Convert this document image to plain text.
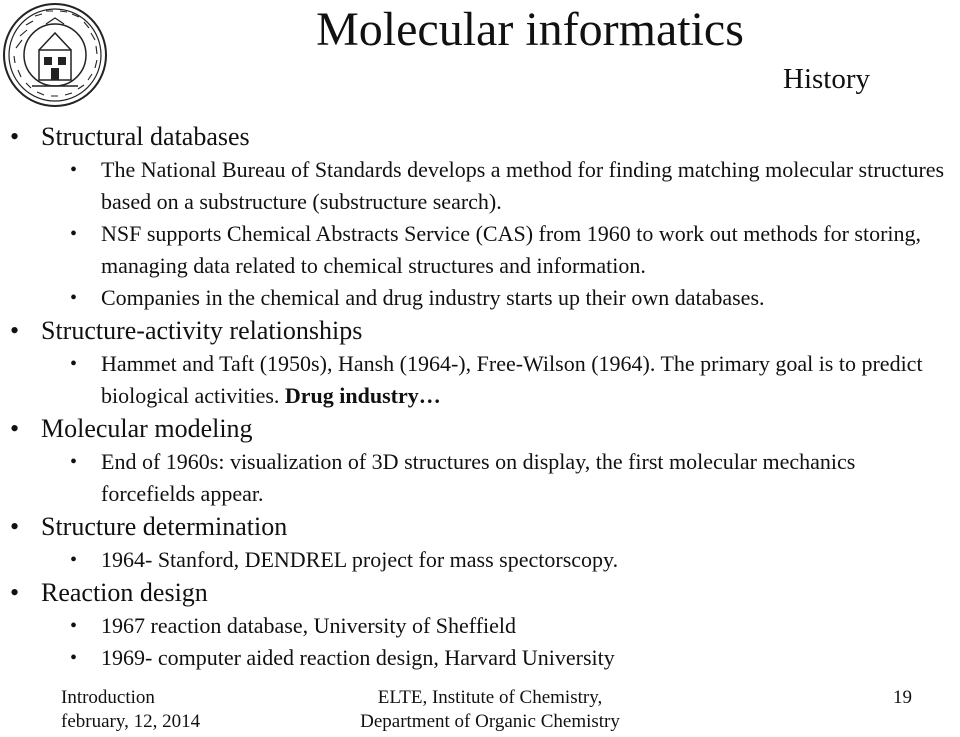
Molecular informatics
History
• Structural databases
• The National Bureau of Standards develops a method for finding matching molecular structures based on a substructure (substructure search).
• NSF supports Chemical Abstracts Service (CAS) from 1960 to work out methods for storing, managing data related to chemical structures and information.
• Companies in the chemical and drug industry starts up their own databases.
• Structure-activity relationships
• Hammet and Taft (1950s), Hansh (1964-), Free-Wilson (1964). The primary goal is to predict biological activities. Drug industry…
• Molecular modeling
• End of 1960s: visualization of 3D structures on display, the first molecular mechanics forcefields appear.
• Structure determination
• 1964- Stanford, DENDREL project for mass spectorscopy.
• Reaction design
• 1967 reaction database, University of Sheffield
• 1969- computer aided reaction design, Harvard University
Introduction
february, 12, 2014
ELTE, Institute of Chemistry,
Department of Organic Chemistry
19
